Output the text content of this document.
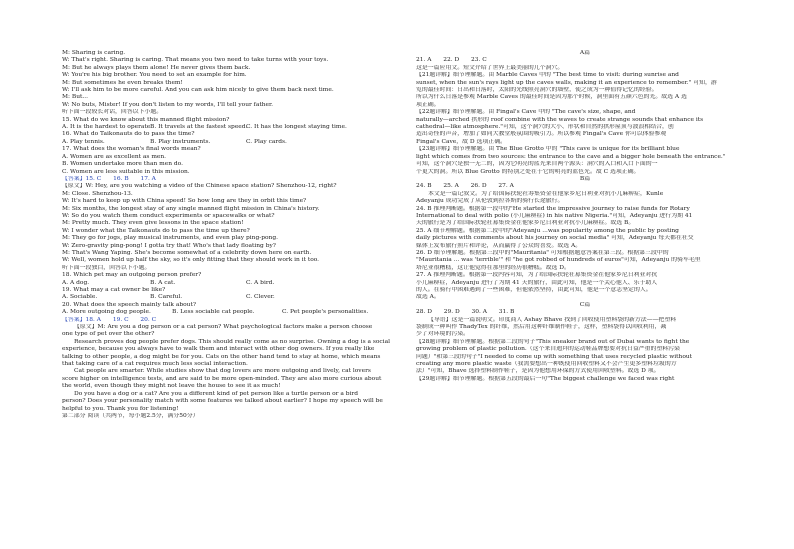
M: Sharing is caring.
W: That's right. Sharing is caring. That means you two need to take turns with your toys.
M: But he always plays them alone! He never gives them back.
W: You're his big brother. You need to set an example for him.
M: But sometimes he even breaks them!
W: I'll ask him to be more careful. And you can ask him nicely to give them back next time.
M: But...
W: No buts, Mister! If you don't listen to my words, I'll tell your father.
听下面一段较长对话，回答以下小题。
15. What do we know about this manned flight mission?
A. It is the hardest to operate.
B. It travels at the fastest speed.
C. It has the longest staying time.
16. What do Taikonauts do to pass the time?
A. Play tennis.	B. Play instruments.	C. Play cards.
17. What does the woman's final words mean?
A. Women are as excellent as men.
B. Women undertake more than men do.
C. Women are less suitable in this mission.
【答案】15. C　　16. B　　17. A
【原文】W: Hey, are you watching a video of the Chinese space station? Shenzhou-12, right?
M: Close. Shenzhou-13.
W: It's hard to keep up with China speed! So how long are they in orbit this time?
M: Six months, the longest stay of any single manned flight mission in China's history.
W: So do you watch them conduct experiments or spacewalks or what?
M: Pretty much. They even give lessons in the space station!
W: I wonder what the Taikonauts do to pass the time up there?
M: They go for jogs, play musical instruments, and even play ping-pong.
W: Zero-gravity ping-pong! I gotta try that! Who's that lady floating by?
M: That's Wang Yaping. She's become somewhat of a celebrity down here on earth.
W: Well, women hold up half the sky, so it's only fitting that they should work in it too.
听下面一段独白，回答以下小题。
18. Which pet may an outgoing person prefer?
A. A dog.	B. A cat.	C. A bird.
19. What may a cat owner be like?
A. Sociable.	B. Careful.	C. Clever.
20. What does the speech mainly talk about?
A. More outgoing dog people.	B. Less sociable cat people.	C. Pet people's personalities.
【答案】18. A　　19. C　　20. C
【原文】M: Are you a dog person or a cat person? What psychological factors make a person choose
one type of pet over the other?
Research proves dog people prefer dogs. This should really come as no surprise. Owning a dog is a social
experience, because you always have to walk them and interact with other dog owners. If you really like
talking to other people, a dog might be for you. Cats on the other hand tend to stay at home, which means
that taking care of a cat requires much less social interaction.
Cat people are smarter. While studies show that dog lovers are more outgoing and lively, cat lovers
score higher on intelligence tests, and are said to be more open-minded. They are also more curious about
the world, even though they might not leave the house to see it as much!
Do you have a dog or a cat? Are you a different kind of pet person like a turtle person or a bird
person? Does your personality match with some features we talked about earlier? I hope my speech will be
helpful to you. Thank you for listening!
第二部分 阅读（共两节，每小题2.5分，满分50分）
A篇
21. A　　22. D　　23. C
这是一篇应用文。短文介绍了世界上最美丽的几个洞穴。
【21题详解】细节理解题。由 Marble Caves 中的 "The best time to visit: during sunrise and
sunset, when the sun's rays light up the caves walls, making it an experience to remember." 可知，游
览的最佳时间：日出和日落时，太阳的光线照亮洞穴的墙壁，使之成为一种值得记忆的经验。
所以为什么日落是参观 Marble Caves 的最佳时间是因为那个时候，洞里面有五颜六色的光。故选 A 选
项正确。
【22题详解】细节理解题。由 Fingal's Cave 中的 "The cave's size, shape, and
naturally—arched 拱形的 roof combine with the waves to create strange sounds that enhance its
cathedral—like atmosphere."可知，这个洞穴的大小、形状和自然的拱形屋顶与波浪相结合，创
造出奇怪的声音，增加了如同大教堂般氛围的吸引力。所以参观 Fingal's Cave 你可以体验参观
Fingal's Cave，故 D 选项正确。
【23题详解】细节理解题。由 The Blue Grotto 中的 "This cave is unique for its brilliant blue
light which comes from two sources: the entrance to the cave and a bigger hole beneath the entrance."
可知，这个洞穴是独一无二的，因为它明亮的蓝光来自两个源头：洞穴的入口和入口下面的一
个更大的洞。所以 Blue Grotto 的特别之处在于它的明亮的蓝色光。故 C 选项正确。
B篇
24. B　　25. A　　26. D　　27. A
本文是一篇记叙文。为了给国际扶轮社筹集资金在他家乡尼日利亚对抗小儿麻痹症，Kunle
Adeyanju 成功完成了从伦敦到拉各斯的骑行长途旅行。
24. B 推理判断题。根据第一段中的"He started the impressive journey to raise funds for Rotary
International to deal with polio (小儿麻痹症) in his native Nigeria."可知，Adeyanju 进行为期 41
天的旅行是为了给国际扶轮社募集资金在他家乡尼日利亚对抗小儿麻痹症。故选 B。
25. A 细节理解题。根据第二段中的"Adeyanju ...was popularity among the public by posting
daily pictures with comments about his journey on social media" 可知，Adeyanju 每天都在社交
媒体上发布旅行照片和评论，从而赢得了公众的喜爱。故选 A。
26. D 细节理解题。根据第三段中的"Mauritania" 可知根据题意答案在第三段。根据第三段中的
"Mauritania ... was 'terrible'" 和 "he got robbed of hundreds of euros"可知，Adeyanju 的骑车毛里
塔尼亚很糟糕，这让他觉得在那里的经历很糟糕。故选 D。
27. A 推理判断题。根据第一段内容可知，为了给国际扶轮社募集资金在他家乡尼日利亚对抗
小儿麻痹症，Adeyanju 进行了为期 41 天的旅行，由此可知，他是一个关心他人、乐于助人
的人。在骑行中困难遇到了一些困难，但他依然坚持，由此可知，他是一个意志坚定的人。
故选 A。
C篇
28. D　　29. D　　30. A　　31. B
【导语】这是一篇说明文。印度商人 Ashay Bhave 找到了回收使用塑料袋的新方法——把塑料
袋制成一种叫作 ThadyTex 的纤维，然后用这种纤维制作鞋子，这样，塑料袋得以回收利用，减
少了对环境的污染。
【28题详解】细节理解题。根据第二段的句子"This sneaker brand out of Dubai wants to fight the
growing problem of plastic pollution.（这个来自迪拜的运动鞋品牌想要对抗日益严重的塑料污染
问题）"和第三段的句子"I needed to come up with something that uses recycled plastic without
creating any more plastic waste（我需要想出一种既使用回收塑料又不会产生更多塑料垃圾的方
法）"可知，Bhave 选择塑料制作鞋子，是因为他想用环保的方式使用回收塑料。故选 D 项。
【29题详解】细节理解题。根据第五段的最后一句"The biggest challenge we faced was right
